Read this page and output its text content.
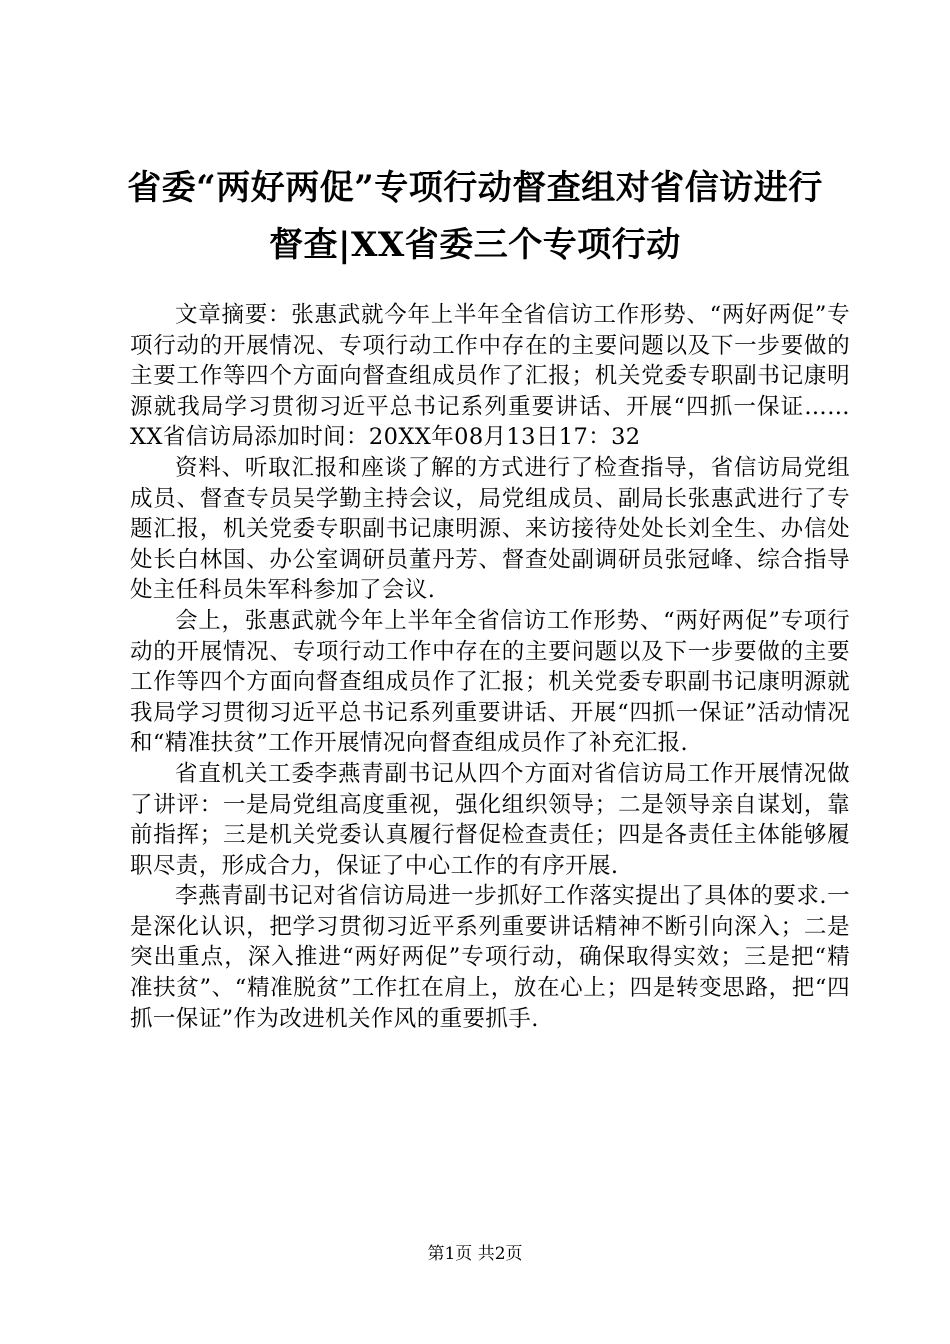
省委“两好两促”专项行动督查组对省信访进行督查|XX省委三个专项行动

文章摘要：张惠武就今年上半年全省信访工作形势、“两好两促”专项行动的开展情况、专项行动工作中存在的主要问题以及下一步要做的主要工作等四个方面向督查组成员作了汇报；机关党委专职副书记康明源就我局学习贯彻习近平总书记系列重要讲话、开展“四抓一保证……XX省信访局添加时间：20XX年08月13日17：32

资料、听取汇报和座谈了解的方式进行了检查指导，省信访局党组成员、督查专员吴学勤主持会议，局党组成员、副局长张惠武进行了专题汇报，机关党委专职副书记康明源、来访接待处处长刘全生、办信处处长白林国、办公室调研员董丹芳、督查处副调研员张冠峰、综合指导处主任科员朱军科参加了会议.

会上，张惠武就今年上半年全省信访工作形势、“两好两促”专项行动的开展情况、专项行动工作中存在的主要问题以及下一步要做的主要工作等四个方面向督查组成员作了汇报；机关党委专职副书记康明源就我局学习贯彻习近平总书记系列重要讲话、开展“四抓一保证”活动情况和“精准扶贫”工作开展情况向督查组成员作了补充汇报.

省直机关工委李燕青副书记从四个方面对省信访局工作开展情况做了讲评：一是局党组高度重视，强化组织领导；二是领导亲自谋划，靠前指挥；三是机关党委认真履行督促检查责任；四是各责任主体能够履职尽责，形成合力，保证了中心工作的有序开展.

李燕青副书记对省信访局进一步抓好工作落实提出了具体的要求.一是深化认识，把学习贯彻习近平系列重要讲话精神不断引向深入；二是突出重点，深入推进“两好两促”专项行动，确保取得实效；三是把“精准扶贫”、“精准脱贫”工作扛在肩上，放在心上；四是转变思路，把“四抓一保证”作为改进机关作风的重要抓手.

第1页 共2页
